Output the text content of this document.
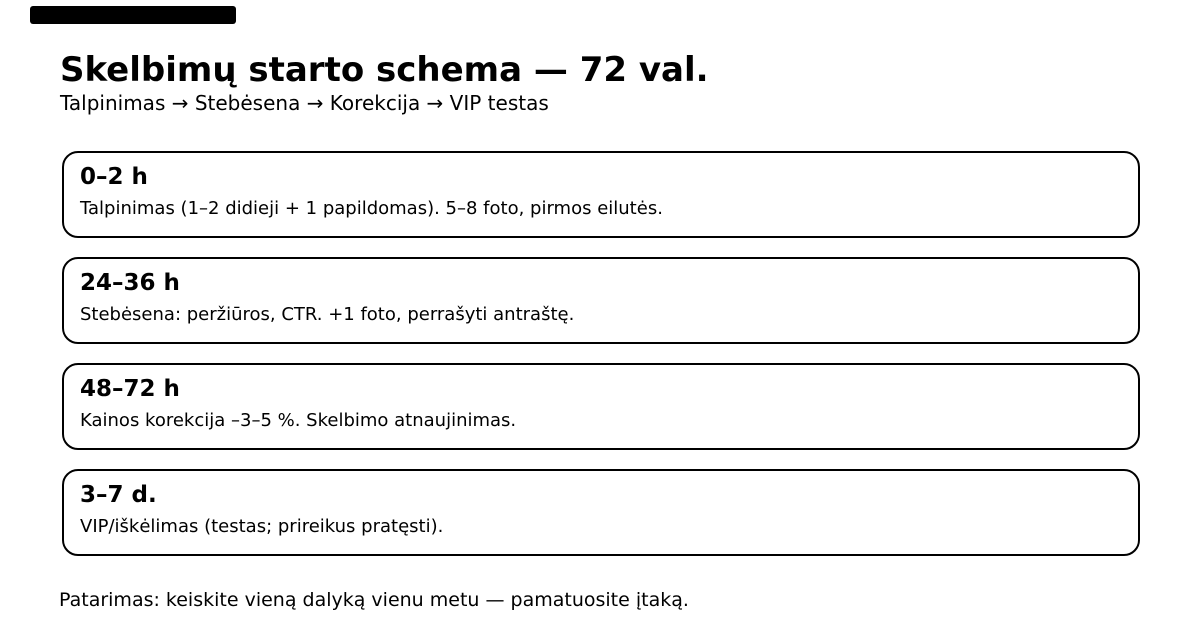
Skelbimų starto schema — 72 val.
Talpinimas → Stebėsena → Korekcija → VIP testas
0–2 h
Talpinimas (1–2 didieji + 1 papildomas). 5–8 foto, pirmos eilutės.
24–36 h
Stebėsena: peržiūros, CTR. +1 foto, perrašyti antraštę.
48–72 h
Kainos korekcija –3–5 %. Skelbimo atnaujinimas.
3–7 d.
VIP/iškėlimas (testas; prireikus pratęsti).
Patarimas: keiskite vieną dalyką vienu metu — pamatuosite įtaką.
